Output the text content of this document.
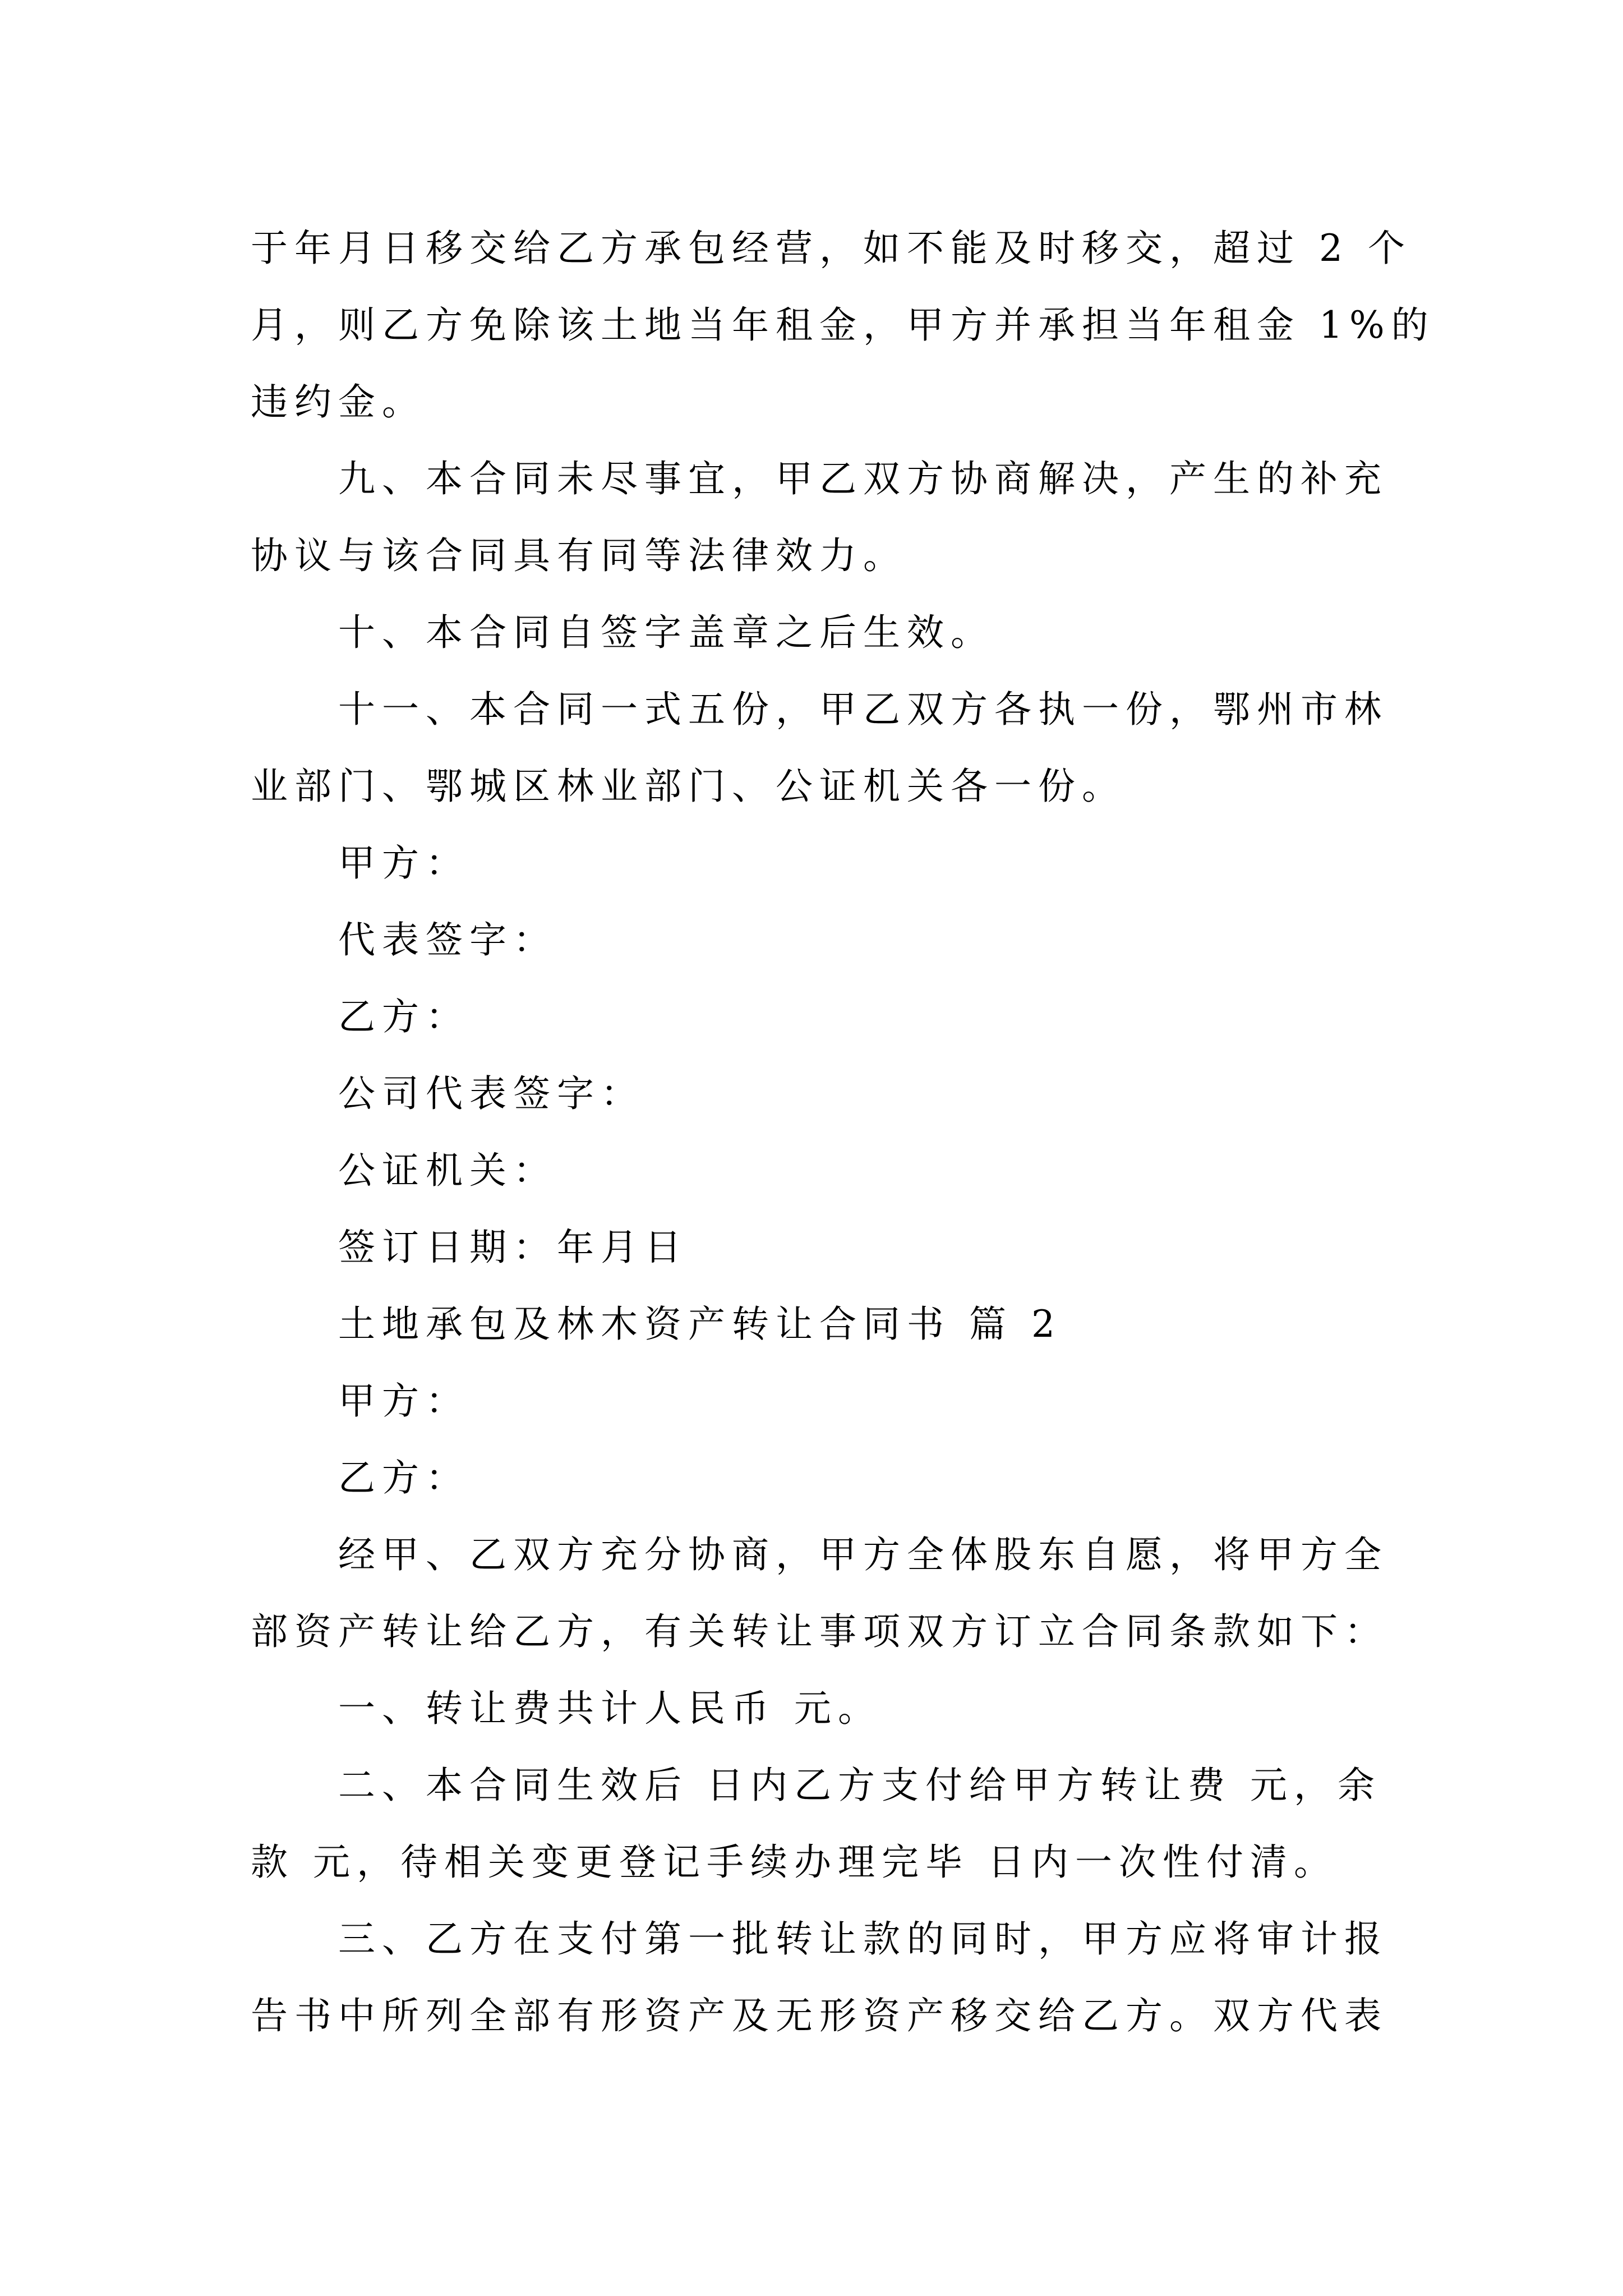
于年月日移交给乙方承包经营，如不能及时移交，超过 2 个
月，则乙方免除该土地当年租金，甲方并承担当年租金 1%的
违约金。
九、本合同未尽事宜，甲乙双方协商解决，产生的补充
协议与该合同具有同等法律效力。
十、本合同自签字盖章之后生效。
十一、本合同一式五份，甲乙双方各执一份，鄂州市林
业部门、鄂城区林业部门、公证机关各一份。
甲方：
代表签字：
乙方：
公司代表签字：
公证机关：
签订日期：年月日
土地承包及林木资产转让合同书 篇 2
甲方：
乙方：
经甲、乙双方充分协商，甲方全体股东自愿，将甲方全
部资产转让给乙方，有关转让事项双方订立合同条款如下：
一、转让费共计人民币 元。
二、本合同生效后 日内乙方支付给甲方转让费 元，余
款 元，待相关变更登记手续办理完毕 日内一次性付清。
三、乙方在支付第一批转让款的同时，甲方应将审计报
告书中所列全部有形资产及无形资产移交给乙方。双方代表
